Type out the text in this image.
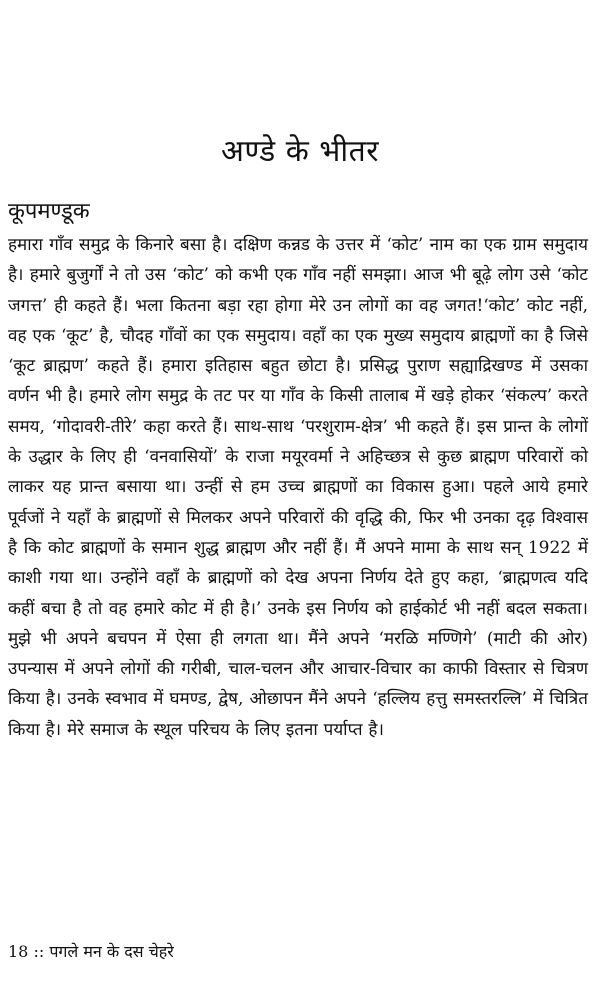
अण्डे के भीतर
कूपमण्डूक

हमारा गाँव समुद्र के किनारे बसा है। दक्षिण कन्नड के उत्तर में ‘कोट’ नाम का एक ग्राम समुदाय है। हमारे बुजुर्गों ने तो उस ‘कोट’ को कभी एक गाँव नहीं समझा। आज भी बूढ़े लोग उसे ‘कोट जगत्त’ ही कहते हैं। भला कितना बड़ा रहा होगा मेरे उन लोगों का वह जगत!‘कोट’ कोट नहीं, वह एक ‘कूट’ है, चौदह गाँवों का एक समुदाय। वहाँ का एक मुख्य समुदाय ब्राह्मणों का है जिसे ‘कूट ब्राह्मण’ कहते हैं। हमारा इतिहास बहुत छोटा है। प्रसिद्ध पुराण सह्याद्रिखण्ड में उसका वर्णन भी है। हमारे लोग समुद्र के तट पर या गाँव के किसी तालाब में खड़े होकर ‘संकल्प’ करते समय, ‘गोदावरी-तीरे’ कहा करते हैं। साथ-साथ ‘परशुराम-क्षेत्र’ भी कहते हैं। इस प्रान्त के लोगों के उद्धार के लिए ही ‘वनवासियों’ के राजा मयूरवर्मा ने अहिच्छत्र से कुछ ब्राह्मण परिवारों को लाकर यह प्रान्त बसाया था। उन्हीं से हम उच्च ब्राह्मणों का विकास हुआ। पहले आये हमारे पूर्वजों ने यहाँ के ब्राह्मणों से मिलकर अपने परिवारों की वृद्धि की, फिर भी उनका दृढ़ विश्वास है कि कोट ब्राह्मणों के समान शुद्ध ब्राह्मण और नहीं हैं। मैं अपने मामा के साथ सन् 1922 में काशी गया था। उन्होंने वहाँ के ब्राह्मणों को देख अपना निर्णय देते हुए कहा, ‘ब्राह्मणत्व यदि कहीं बचा है तो वह हमारे कोट में ही है।’ उनके इस निर्णय को हाईकोर्ट भी नहीं बदल सकता। मुझे भी अपने बचपन में ऐसा ही लगता था। मैंने अपने ‘मरळि मण्णिगे’ (माटी की ओर) उपन्यास में अपने लोगों की गरीबी, चाल-चलन और आचार-विचार का काफी विस्तार से चित्रण किया है। उनके स्वभाव में घमण्ड, द्वेष, ओछापन मैंने अपने ‘हल्लिय हत्तु समस्तरल्लि’ में चित्रित किया है। मेरे समाज के स्थूल परिचय के लिए इतना पर्याप्त है।

18 :: पगले मन के दस चेहरे
